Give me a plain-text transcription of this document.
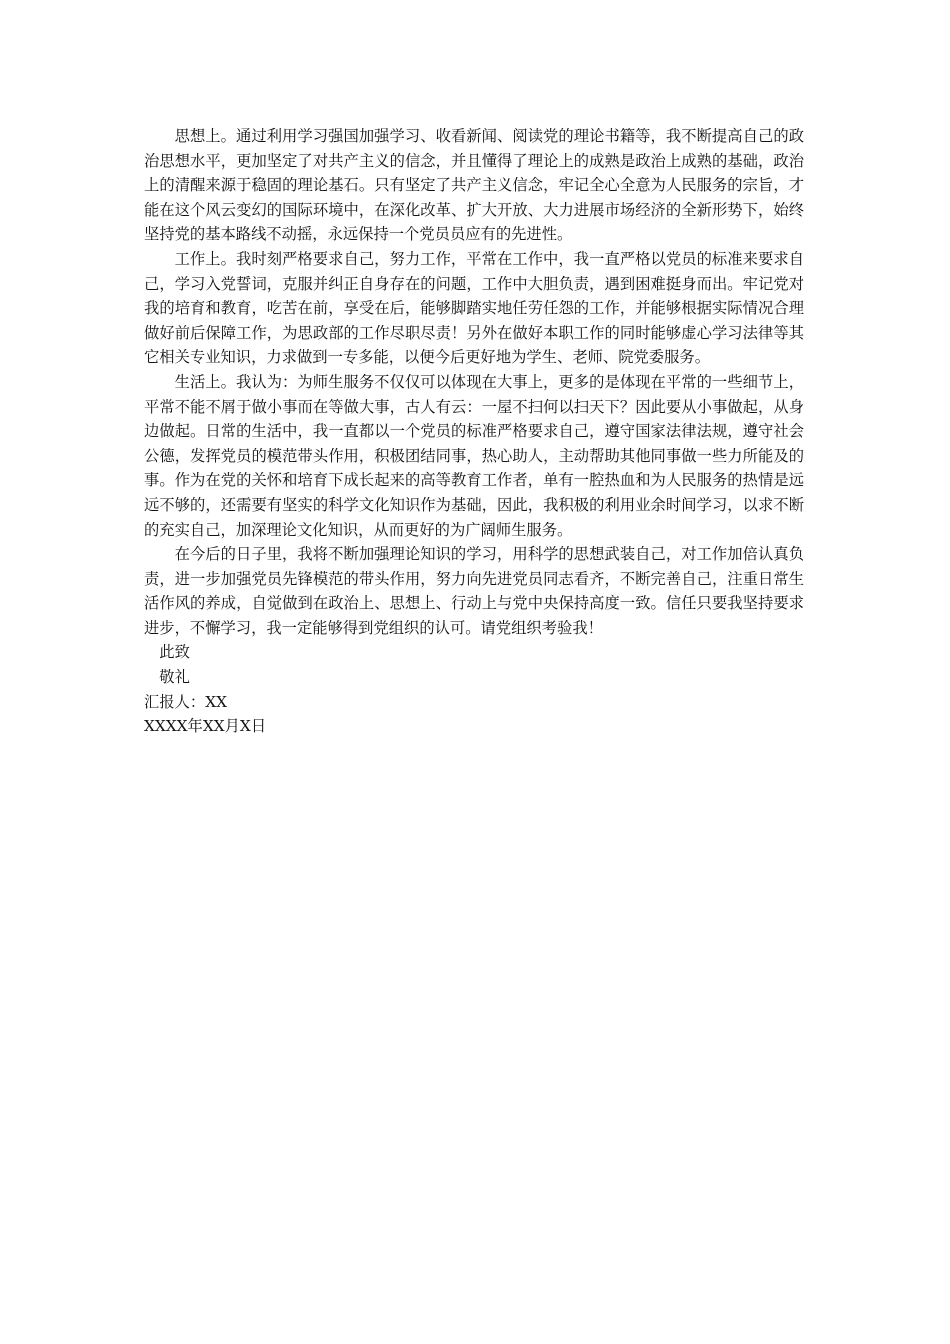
思想上。通过利用学习强国加强学习、收看新闻、阅读党的理论书籍等，我不断提高自己的政治思想水平，更加坚定了对共产主义的信念，并且懂得了理论上的成熟是政治上成熟的基础，政治上的清醒来源于稳固的理论基石。只有坚定了共产主义信念，牢记全心全意为人民服务的宗旨，才能在这个风云变幻的国际环境中，在深化改革、扩大开放、大力进展市场经济的全新形势下，始终坚持党的基本路线不动摇，永远保持一个党员员应有的先进性。

工作上。我时刻严格要求自己，努力工作，平常在工作中，我一直严格以党员的标准来要求自己，学习入党誓词，克服并纠正自身存在的问题，工作中大胆负责，遇到困难挺身而出。牢记党对我的培育和教育，吃苦在前，享受在后，能够脚踏实地任劳任怨的工作，并能够根据实际情况合理做好前后保障工作，为思政部的工作尽职尽责！另外在做好本职工作的同时能够虚心学习法律等其它相关专业知识，力求做到一专多能，以便今后更好地为学生、老师、院党委服务。

生活上。我认为：为师生服务不仅仅可以体现在大事上，更多的是体现在平常的一些细节上，平常不能不屑于做小事而在等做大事，古人有云：一屋不扫何以扫天下？因此要从小事做起，从身边做起。日常的生活中，我一直都以一个党员的标准严格要求自己，遵守国家法律法规，遵守社会公德，发挥党员的模范带头作用，积极团结同事，热心助人，主动帮助其他同事做一些力所能及的事。作为在党的关怀和培育下成长起来的高等教育工作者，单有一腔热血和为人民服务的热情是远远不够的，还需要有坚实的科学文化知识作为基础，因此，我积极的利用业余时间学习，以求不断的充实自己，加深理论文化知识，从而更好的为广阔师生服务。

在今后的日子里，我将不断加强理论知识的学习，用科学的思想武装自己，对工作加倍认真负责，进一步加强党员先锋模范的带头作用，努力向先进党员同志看齐，不断完善自己，注重日常生活作风的养成，自觉做到在政治上、思想上、行动上与党中央保持高度一致。信任只要我坚持要求进步，不懈学习，我一定能够得到党组织的认可。请党组织考验我！

此致

敬礼

汇报人：XX

XXXX年XX月X日
